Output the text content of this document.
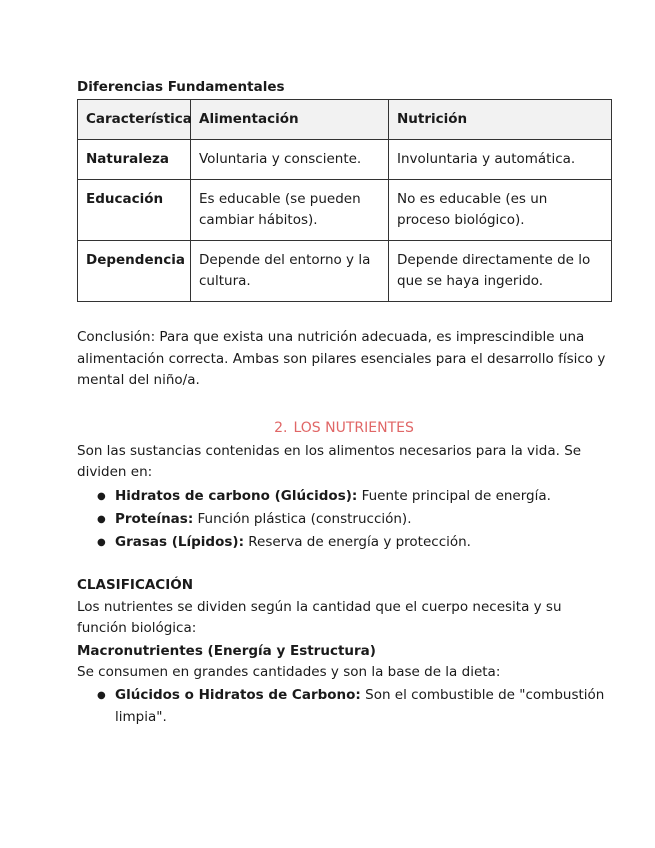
Diferencias Fundamentales
Característica	Alimentación	Nutrición
Naturaleza	Voluntaria y consciente.	Involuntaria y automática.
Educación	Es educable (se pueden cambiar hábitos).	No es educable (es un proceso biológico).
Dependencia	Depende del entorno y la cultura.	Depende directamente de lo que se haya ingerido.

Conclusión: Para que exista una nutrición adecuada, es imprescindible una alimentación correcta. Ambas son pilares esenciales para el desarrollo físico y mental del niño/a.

2. LOS NUTRIENTES

Son las sustancias contenidas en los alimentos necesarios para la vida. Se dividen en:

● Hidratos de carbono (Glúcidos): Fuente principal de energía.
● Proteínas: Función plástica (construcción).
● Grasas (Lípidos): Reserva de energía y protección.
CLASIFICACIÓN

Los nutrientes se dividen según la cantidad que el cuerpo necesita y su función biológica:

Macronutrientes (Energía y Estructura)

Se consumen en grandes cantidades y son la base de la dieta:

● Glúcidos o Hidratos de Carbono: Son el combustible de "combustión limpia".
